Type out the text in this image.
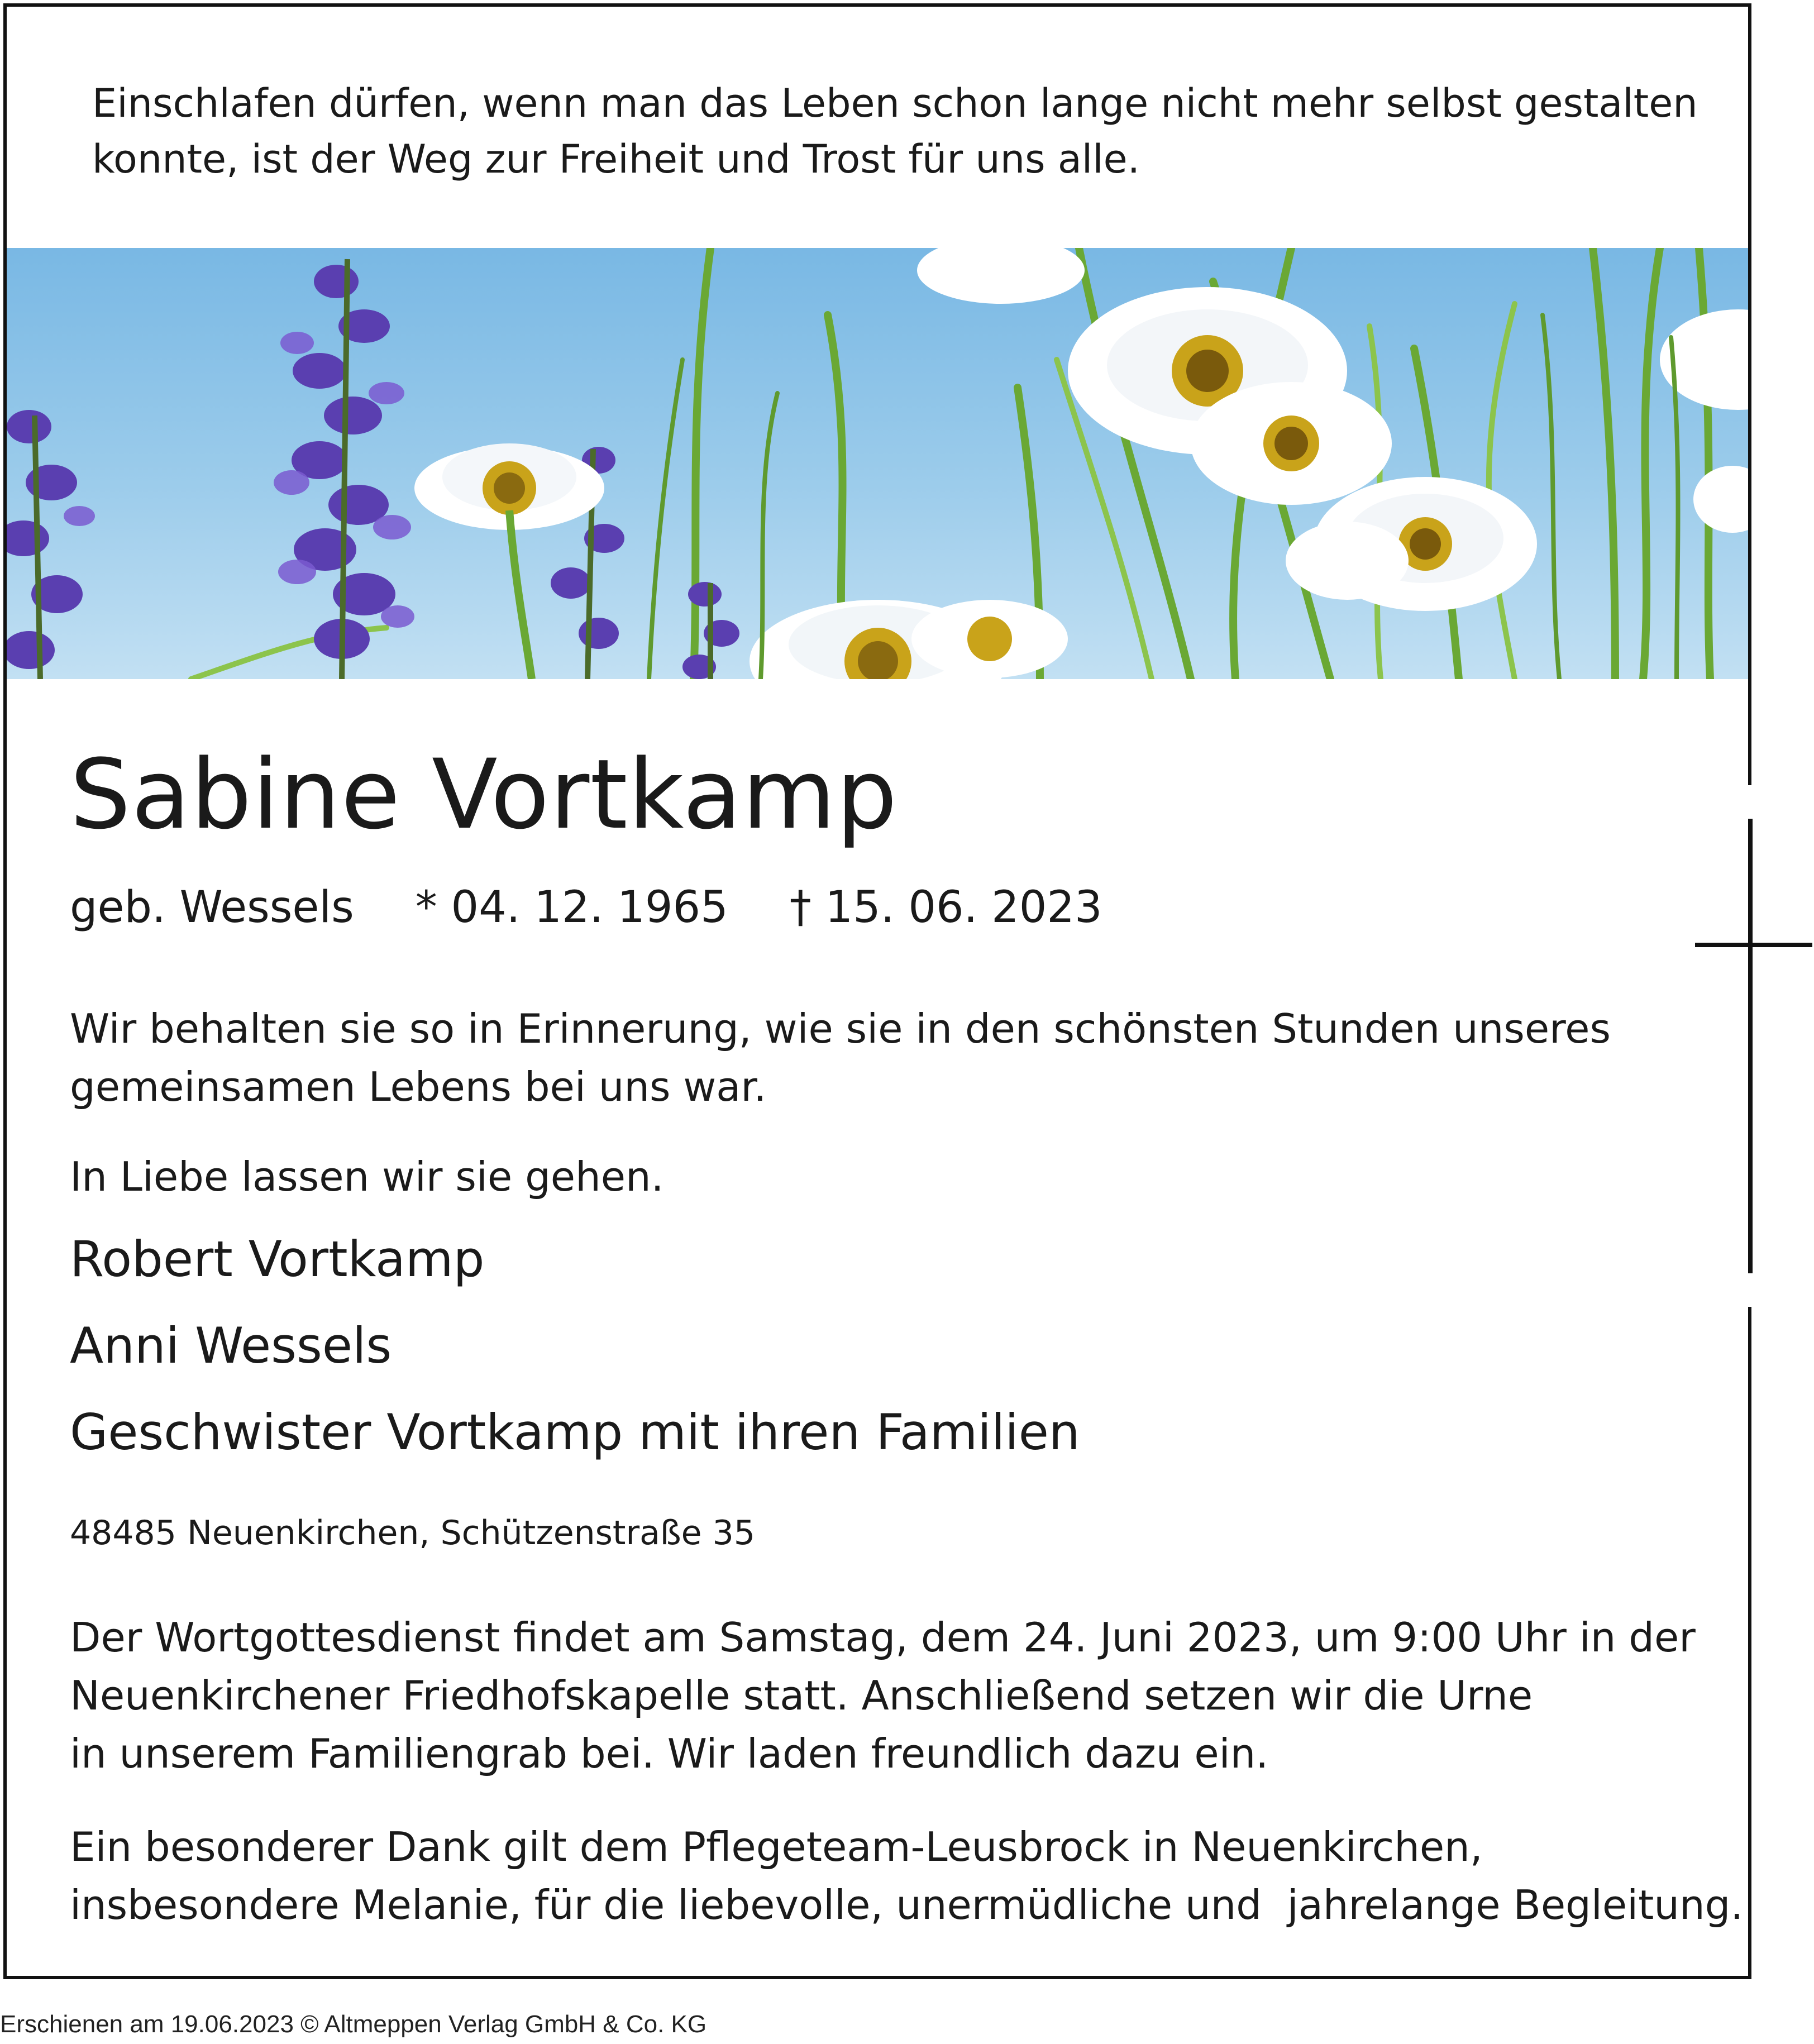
Einschlafen dürfen, wenn man das Leben schon lange nicht mehr selbst gestalten
konnte, ist der Weg zur Freiheit und Trost für uns alle.
Sabine Vortkamp
geb. Wessels * 04. 12. 1965 † 15. 06. 2023
Wir behalten sie so in Erinnerung, wie sie in den schönsten Stunden unseres
gemeinsamen Lebens bei uns war.
In Liebe lassen wir sie gehen.
Robert Vortkamp
Anni Wessels
Geschwister Vortkamp mit ihren Familien
48485 Neuenkirchen, Schützenstraße 35
Der Wortgottesdienst findet am Samstag, dem 24. Juni 2023, um 9:00 Uhr in der
Neuenkirchener Friedhofskapelle statt. Anschließend setzen wir die Urne
in unserem Familiengrab bei. Wir laden freundlich dazu ein.
Ein besonderer Dank gilt dem Pflegeteam-Leusbrock in Neuenkirchen,
insbesondere Melanie, für die liebevolle, unermüdliche und  jahrelange Begleitung.
Erschienen am 19.06.2023 © Altmeppen Verlag GmbH & Co. KG
